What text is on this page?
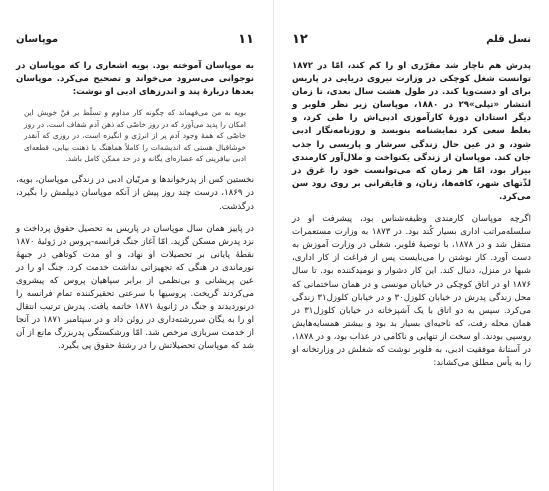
۱۱
موپاسان

به موپاسان آموخته بود. بویه اشعاری را که موپاسان در نوجوانی می‌سرود می‌خواند و تصحیح می‌کرد. موپاسان بعدها دربارهٔ پند و اندرزهای ادبی او نوشت:

بویه به من می‌فهماند که چگونه کار مداوم و تسلّط بر فنّ خویش این امکان را پدید می‌آورد که در روز خاصّی که ذهن آدم شفاف است، در روز خاصّی که همهٔ وجود آدم پر از انرژی و انگیزه است، در روزی که آنقدر خوشاقبال هستی که اندیشه‌ات را کاملاً هماهنگ با ذهنت بیابی، قطعه‌ای ادبی بیافرینی که عصاره‌ای یگانه و در حد ممکن کامل باشد.

نخستین کس از پدرخواندها و مربّیان ادبی در زندگی موپاسان، بویه، در ۱۸۶۹، درست چند روز پیش از آنکه موپاسان دیپلمش را بگیرد، درگذشت.

در پاییز همان سال موپاسان در پاریس به تحصیل حقوق پرداخت و نزد پدرش مسکن گزید. امّا آغاز جنگ فرانسه-پروس در ژوئیهٔ ۱۸۷۰ نقطهٔ پایانی بر تحصیلات او نهاد، و او مدت کوتاهی در جبههٔ نورماندی در هنگی که تجهیزاتی نداشت خدمت کرد. جنگ او را در عین پریشانی و بی‌نظمی از برابر سپاهیان پروس که پیشروی می‌کردند گریخت. پروسیها با سرعتی تحقیرکننده تمام فرانسه را درنوردیدند و جنگ در ژانویهٔ ۱۸۷۱ خاتمه یافت. پدرش ترتیب انتقال او را به یگان سررشته‌داری در روئن داد و در سپتامبر ۱۸۷۱ در آنجا از خدمت سربازی مرخص شد. امّا ورشکستگی پدربزرگ مانع از آن شد که موپاسان تحصیلاتش را در رشتهٔ حقوق پی بگیرد.

نسل قلم
۱۲

پدرش هم ناچار شد مقرّری او را کم کند، امّا در ۱۸۷۲ توانست شغل کوچکی در وزارت نیروی دریایی در پاریس برای او دست‌وپا کند. در طول هشت سال بعدی، تا زمان انتشار «تپلی»۲۹ در ۱۸۸۰، موپاسان زیر نظر فلوبر و دیگر استادان دورهٔ کارآموزی ادبی‌اش را طی کرد، و بغلط سعی کرد نمایشنامه بنویسد و روزنامه‌نگار ادبی شود، و در عین حال زندگی سرشار و پاریسی را جذب جان کند. موپاسان از زندگی یکنواخت و ملال‌آور کارمندی بیزار بود، امّا هر زمان که می‌توانست خود را غرق در لذّتهای شهر، کافه‌ها، زنان، و قایقرانی بر روی رود سن می‌کرد.

اگرچه موپاسان کارمندی وظیفه‌شناس بود، پیشرفت او در سلسله‌مراتب اداری بسیار کُند بود. در ۱۸۷۳ به وزارت مستعمرات منتقل شد و در ۱۸۷۸، با توصیهٔ فلوبر، شغلی در وزارت آموزش به دست آورد. کار نوشتن را می‌بایست پس از فراغت از کار اداری، شبها در منزل، دنبال کند. این کار دشوار و نومیدکننده بود. تا سال ۱۸۷۶ او در اتاق کوچکی در خیابان مونسی و در همان ساختمانی که محل زندگی پدرش در خیابان کلوزل۳۰ و در خیابان کلوزل۳۱ زندگی می‌کرد. سپس به دو اتاق با یک آشپزخانه در خیابان کلوزل۳۱ در همان محله رفت، که ناحیه‌ای بسیار بد بود و بیشتر همسایه‌هایش روسپی بودند. او سخت از تنهایی و ناکامی در عذاب بود، و در ۱۸۷۸، در آستانهٔ موفقیت ادبی، به فلوبر نوشت که شغلش در وزارتخانه او را به یأس مطلق می‌کشاند:
